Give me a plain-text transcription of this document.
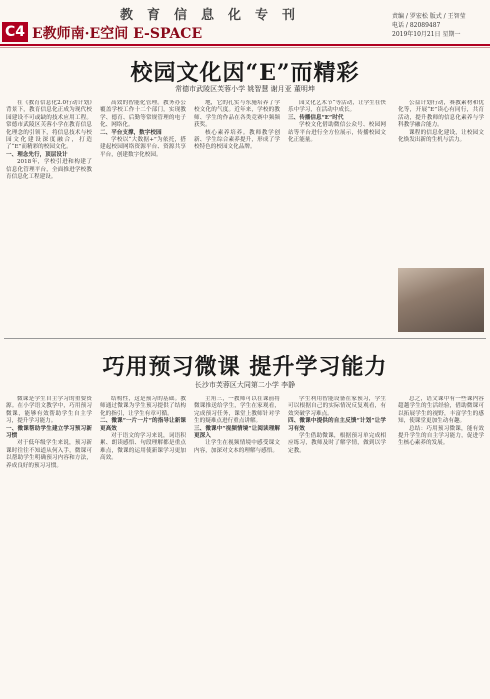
教育信息化专刊
C4 E教师南·E空间 E-SPACE
责编 / 罗宏松 版式 / 王智莹
电话 / 82089487
2019年10月21日 星期一
校园文化因“E”而精彩
常德市武陵区芙蓉小学 姚智慧 谢月亚 董明坤

在《教育信息化2.0行动计划》背景下，教育信息化正成为现代校园建设不可或缺的技术应用工程。常德市武陵区芙蓉小学在教育信息化理念的引领下，将信息技术与校园文化建设深度融合，打造了“E”而精彩的校园文化。

一、理念先行，顶层设计

2018年，学校引进和构建了信息化管理平台，全面推进学校教育信息化工程建设。

高效的智能化管理。教务办公覆盖学校工作十二个部门，实现教学、德育、后勤等常规管理的电子化、网络化。

二、平台支撑，数字校园

学校以“大数据+”为依托，搭建起校园网络资源平台、资源共享平台，创建数字化校园。

地，它的孔实与东施培养了学校文化的气度。近年来，学校的教师、学生的作品在各类竞赛中频频获奖。

核心素养培养。教师教学创新、学生综合素养提升，形成了学校特色的校园文化品牌。

园文化艺术节“等活动，让学生在快乐中学习，在活动中成长。

三、传播信息“E”时代

学校文化借助微信公众号、校园网站等平台进行全方位展示，传播校园文化正能量。

公益计划行动，赛教素材和优化等，开展“E”读心有同行，共育活动，提升教师的信息化素养与学科教学融合能力。

课程的信息化建设，让校园文化焕发出新的生机与活力。

巧用预习微课 提升学习能力
长沙市芙蓉区大同第二小学 李静

微课是学生自主学习的重要资源。在小学语文教学中，巧用预习微课，能够有效帮助学生自主学习，提升学习能力。

一、微课帮助学生建立学习预习新习惯

对于低年级学生来说，预习新课时往往不知道从何入手，微课可以帮助学生明确预习内容和方法，养成良好的预习习惯。

结构性，这是预习的基础。教师通过微课为学生预习提供了结构化的指引，让学生有章可循。

二、微课“一片一片”的指导让新课更高效

对于语文的学习来说，词语积累、朗读感悟、句段理解都是重点难点，微课的运用使新课学习更加高效。

主角三，一教师可以在课前将微课推送给学生，学生在家观看，完成预习任务，课堂上教师针对学生的疑难点进行重点讲解。

三、微课中“视频情境”让阅读理解更深入

让学生在视频情境中感受课文内容，加深对文本的理解与感悟。

学生利用智能设备在家预习，学生可以根据自己的实际情况反复观看，有效突破学习难点。

四、微课中提供的自主反馈“计划”让学习有效

学生借助微课，根据预习单完成相应练习，教师及时了解学情，做到以学定教。

总之，语文课中有一些课内容超越学生的生活经验，借助微课可以拓展学生的视野，丰富学生的感知，使课堂更加生动有趣。

总结：巧用预习微课，能有效提升学生的自主学习能力，促进学生核心素养的发展。
